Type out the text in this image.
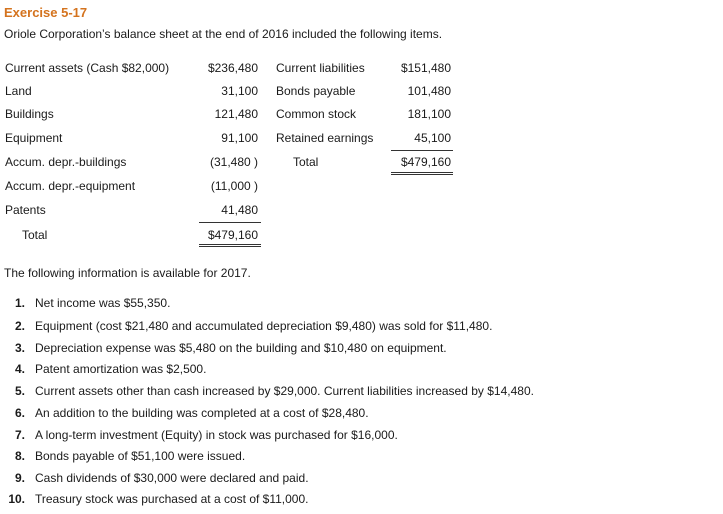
Exercise 5-17
Oriole Corporation’s balance sheet at the end of 2016 included the following items.
Current assets (Cash $82,000)	$236,480 Current liabilities	$151,480
Land	31,100 Bonds payable	101,480
Buildings	121,480 Common stock	181,100
Equipment	91,100 Retained earnings	45,100
Accum. depr.-buildings	(31,480 )	Total	$479,160
Accum. depr.-equipment	(11,000 )
Patents	41,480
Total	$479,160
The following information is available for 2017.
1. Net income was $55,350.
2. Equipment (cost $21,480 and accumulated depreciation $9,480) was sold for $11,480.
3. Depreciation expense was $5,480 on the building and $10,480 on equipment.
4. Patent amortization was $2,500.
5. Current assets other than cash increased by $29,000. Current liabilities increased by $14,480.
6. An addition to the building was completed at a cost of $28,480.
7. A long-term investment (Equity) in stock was purchased for $16,000.
8. Bonds payable of $51,100 were issued.
9. Cash dividends of $30,000 were declared and paid.
10. Treasury stock was purchased at a cost of $11,000.
